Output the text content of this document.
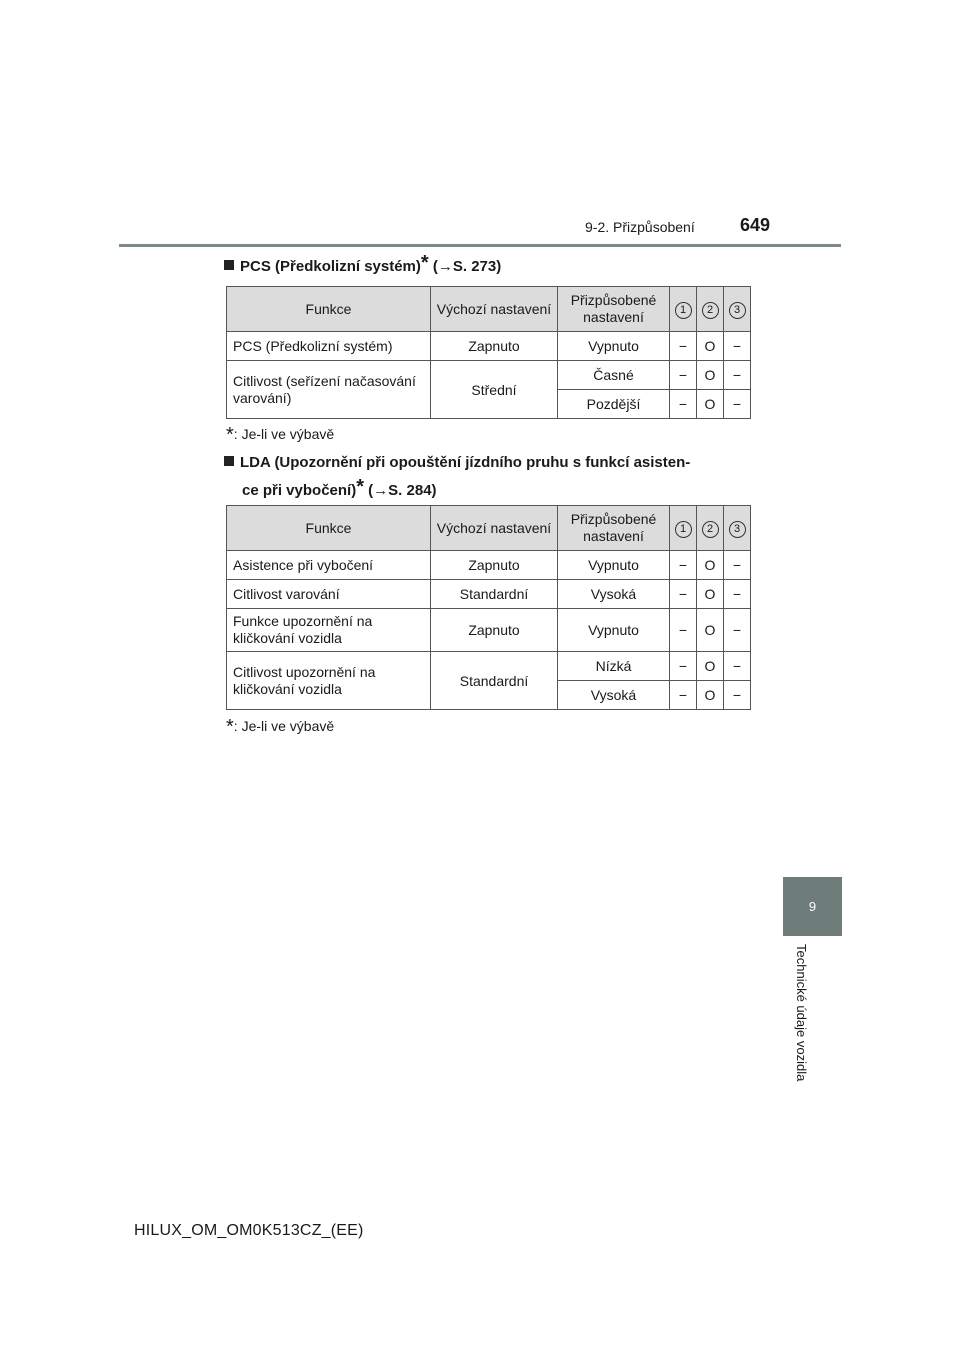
9-2. Přizpůsobení	649
9
Technické údaje vozidla
PCS (Předkolizní systém)* (→S. 273)
Funkce	Výchozí nastavení	Přizpůsobené nastavení	1	2	3
PCS (Předkolizní systém)	Zapnuto	Vypnuto	−	O	−
Citlivost (seřízení načasování varování)	Střední	Časné	−	O	−
		Pozdější	−	O	−
*: Je-li ve výbavě
LDA (Upozornění při opouštění jízdního pruhu s funkcí asisten-
ce při vybočení)* (→S. 284)
Funkce	Výchozí nastavení	Přizpůsobené nastavení	1	2	3
Asistence při vybočení	Zapnuto	Vypnuto	−	O	−
Citlivost varování	Standardní	Vysoká	−	O	−
Funkce upozornění na kličkování vozidla	Zapnuto	Vypnuto	−	O	−
Citlivost upozornění na kličkování vozidla	Standardní	Nízká	−	O	−
		Vysoká	−	O	−
*: Je-li ve výbavě
HILUX_OM_OM0K513CZ_(EE)
